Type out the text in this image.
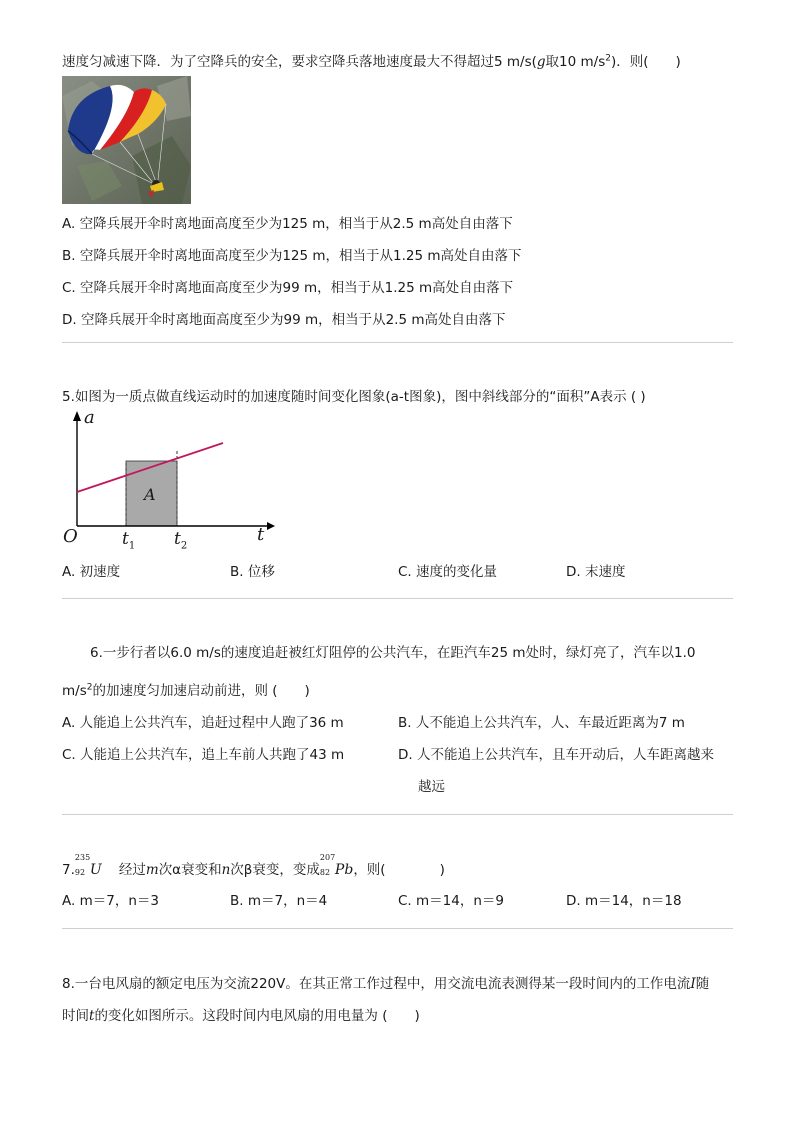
速度匀减速下降．为了空降兵的安全，要求空降兵落地速度最大不得超过5 m/s(g取10 $m/s^2$)．则(　　)
A. 空降兵展开伞时离地面高度至少为125 m，相当于从2.5 m高处自由落下
B. 空降兵展开伞时离地面高度至少为125 m，相当于从1.25 m高处自由落下
C. 空降兵展开伞时离地面高度至少为99 m，相当于从1.25 m高处自由落下
D. 空降兵展开伞时离地面高度至少为99 m，相当于从2.5 m高处自由落下
5.如图为一质点做直线运动时的加速度随时间变化图象(a-t图象)，图中斜线部分的“面积”A表示 ( )
a
O	t
A
$t_1$ $t_2$
A. 初速度	B. 位移	C. 速度的变化量	D. 末速度
6.一步行者以6.0 m/s的速度追赶被红灯阻停的公共汽车，在距汽车25 m处时，绿灯亮了，汽车以1.0
$m/s^2$的加速度匀加速启动前进，则 (　　)
A. 人能追上公共汽车，追赶过程中人跑了36 m	B. 人不能追上公共汽车，人、车最近距离为7 m
C. 人能追上公共汽车，追上车前人共跑了43 m	D. 人不能追上公共汽车，且车开动后，人车距离越来
越远
7.
235
92 U 经过m次α衰变和n次β衰变，变成
207
82 Pb，则(　　　　)
A. m＝7，n＝3	B. m＝7，n＝4	C. m＝14，n＝9	D. m＝14，n＝18
8.一台电风扇的额定电压为交流220V。在其正常工作过程中，用交流电流表测得某一段时间内的工作电流I随
时间t的变化如图所示。这段时间内电风扇的用电量为 (　　)
